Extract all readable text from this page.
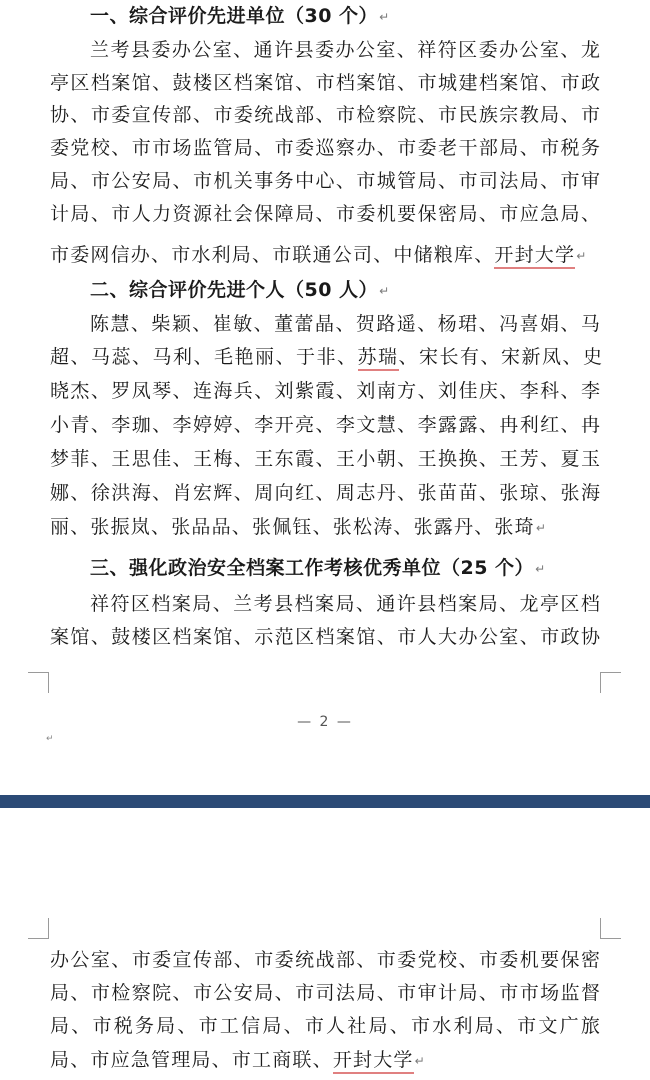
一、综合评价先进单位（30 个）↵
兰 考 县 委 办 公 室 、 通 许 县 委 办 公 室 、 祥 符 区 委 办 公 室 、 龙
亭 区 档 案 馆 、 鼓 楼 区 档 案 馆 、 市 档 案 馆 、 市 城 建 档 案 馆 、 市 政
协 、 市 委 宣 传 部 、 市 委 统 战 部 、 市 检 察 院 、 市 民 族 宗 教 局 、 市
委 党 校 、 市 市 场 监 管 局 、 市 委 巡 察 办 、 市 委 老 干 部 局 、 市 税 务
局 、 市 公 安 局 、 市 机 关 事 务 中 心 、 市 城 管 局 、 市 司 法 局 、 市 审
计 局 、 市 人 力 资 源 社 会 保 障 局 、 市 委 机 要 保 密 局 、 市 应 急 局 、
市委网信办、市水利局、市联通公司、中储粮库、开封大学↵
二、综合评价先进个人（50 人）↵
陈 慧 、 柴 颖 、 崔 敏 、 董 蕾 晶 、 贺 路 遥 、 杨 珺 、 冯 喜 娟 、 马
超、马蕊、马利、毛艳丽、于非、苏瑞、宋长有、宋新凤、史
晓 杰 、 罗 凤 琴 、 连 海 兵 、 刘 紫 霞 、 刘 南 方 、 刘 佳 庆 、 李 科 、 李
小 青 、 李 珈 、 李 婷 婷 、 李 开 亮 、 李 文 慧 、 李 露 露 、 冉 利 红 、 冉
梦 菲 、 王 思 佳 、 王 梅 、 王 东 霞 、 王 小 朝 、 王 换 换 、 王 芳 、 夏 玉
娜 、 徐 洪 海 、 肖 宏 辉 、 周 向 红 、 周 志 丹 、 张 苗 苗 、 张 琼 、 张 海
丽、张振岚、张品品、张佩钰、张松涛、张露丹、张琦↵
三、强化政治安全档案工作考核优秀单位（25 个）↵
祥 符 区 档 案 局 、 兰 考 县 档 案 局 、 通 许 县 档 案 局 、 龙 亭 区 档
案 馆 、 鼓 楼 区 档 案 馆 、 示 范 区 档 案 馆 、 市 人 大 办 公 室 、 市 政 协
— 2 —
↵
办 公 室 、 市 委 宣 传 部 、 市 委 统 战 部 、 市 委 党 校 、 市 委 机 要 保 密
局 、 市 检 察 院 、 市 公 安 局 、 市 司 法 局 、 市 审 计 局 、 市 市 场 监 督
局 、 市 税 务 局 、 市 工 信 局 、 市 人 社 局 、 市 水 利 局 、 市 文 广 旅
局、市应急管理局、市工商联、开封大学↵
